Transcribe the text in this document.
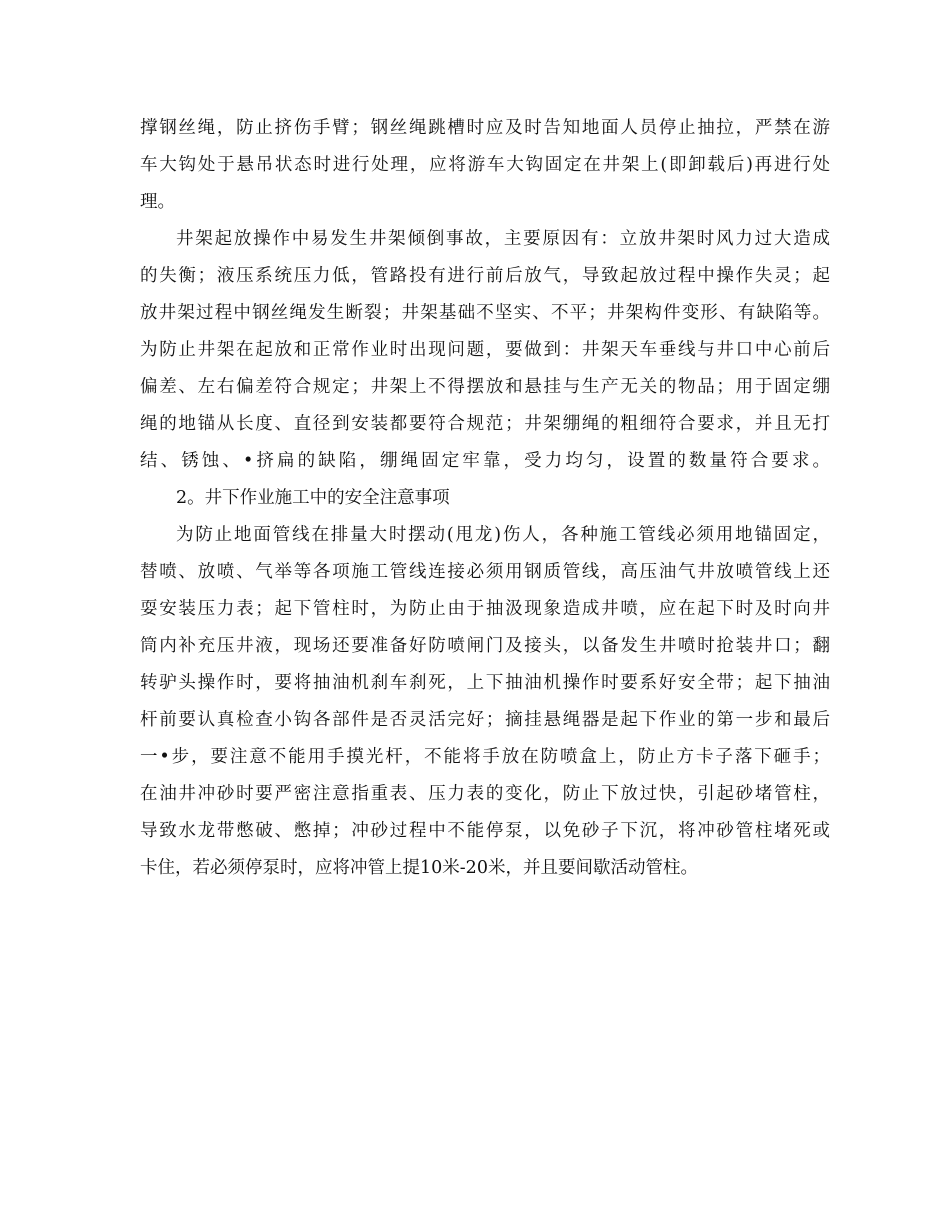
撑钢丝绳，防止挤伤手臂；钢丝绳跳槽时应及时告知地面人员停止抽拉，严禁在游
车大钩处于悬吊状态时进行处理，应将游车大钩固定在井架上(即卸载后)再进行处
理。
井架起放操作中易发生井架倾倒事故，主要原因有：立放井架时风力过大造成
的失衡；液压系统压力低，管路投有进行前后放气，导致起放过程中操作失灵；起
放井架过程中钢丝绳发生断裂；井架基础不坚实、不平；井架构件变形、有缺陷等。
为防止井架在起放和正常作业时出现问题，要做到：井架天车垂线与井口中心前后
偏差、左右偏差符合规定；井架上不得摆放和悬挂与生产无关的物品；用于固定绷
绳的地锚从长度、直径到安装都要符合规范；井架绷绳的粗细符合要求，并且无打
结、锈蚀、•挤扁的缺陷，绷绳固定牢靠，受力均匀，设置的数量符合要求。
2。井下作业施工中的安全注意事项
为防止地面管线在排量大时摆动(甩龙)伤人，各种施工管线必须用地锚固定，
替喷、放喷、气举等各项施工管线连接必须用钢质管线，高压油气井放喷管线上还
耍安装压力表；起下管柱时，为防止由于抽汲现象造成井喷，应在起下时及时向井
筒内补充压井液，现场还要准备好防喷闸门及接头，以备发生井喷时抢装井口；翻
转驴头操作时，要将抽油机刹车刹死，上下抽油机操作时要系好安全带；起下抽油
杆前要认真检查小钩各部件是否灵活完好；摘挂悬绳器是起下作业的第一步和最后
一•步，要注意不能用手摸光杆，不能将手放在防喷盒上，防止方卡子落下砸手；
在油井冲砂时要严密注意指重表、压力表的变化，防止下放过快，引起砂堵管柱，
导致水龙带憋破、憋掉；冲砂过程中不能停泵，以免砂子下沉，将冲砂管柱堵死或
卡住，若必须停泵时，应将冲管上提10米-20米，并且要间歇活动管柱。
